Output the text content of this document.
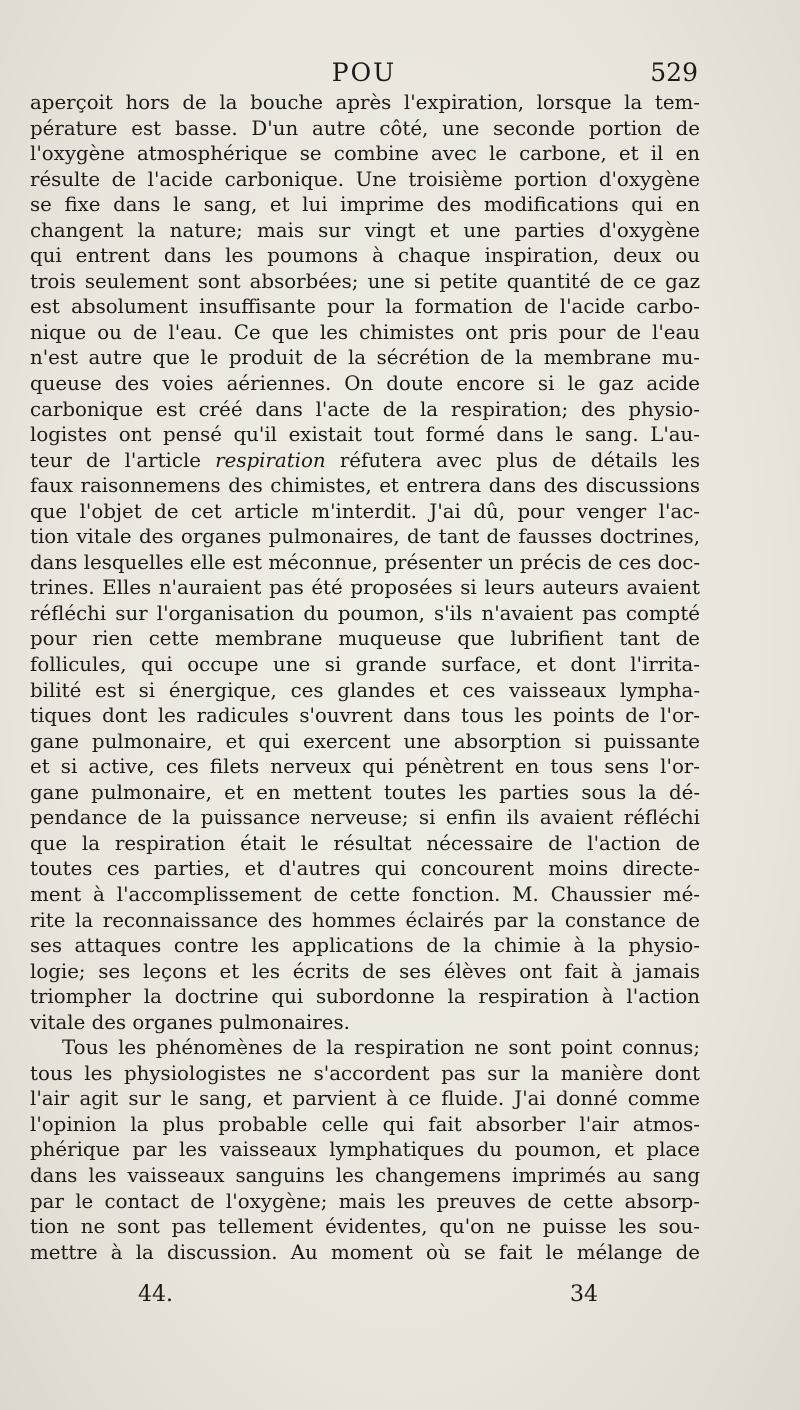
POU	529
aperçoit hors de la bouche après l'expiration, lorsque la tem-
pérature est basse. D'un autre côté, une seconde portion de
l'oxygène atmosphérique se combine avec le carbone, et il en
résulte de l'acide carbonique. Une troisième portion d'oxygène
se fixe dans le sang, et lui imprime des modifications qui en
changent la nature; mais sur vingt et une parties d'oxygène
qui entrent dans les poumons à chaque inspiration, deux ou
trois seulement sont absorbées; une si petite quantité de ce gaz
est absolument insuffisante pour la formation de l'acide carbo-
nique ou de l'eau. Ce que les chimistes ont pris pour de l'eau
n'est autre que le produit de la sécrétion de la membrane mu-
queuse des voies aériennes. On doute encore si le gaz acide
carbonique est créé dans l'acte de la respiration; des physio-
logistes ont pensé qu'il existait tout formé dans le sang. L'au-
teur de l'article respiration réfutera avec plus de détails les
faux raisonnemens des chimistes, et entrera dans des discussions
que l'objet de cet article m'interdit. J'ai dû, pour venger l'ac-
tion vitale des organes pulmonaires, de tant de fausses doctrines,
dans lesquelles elle est méconnue, présenter un précis de ces doc-
trines. Elles n'auraient pas été proposées si leurs auteurs avaient
réfléchi sur l'organisation du poumon, s'ils n'avaient pas compté
pour rien cette membrane muqueuse que lubrifient tant de
follicules, qui occupe une si grande surface, et dont l'irrita-
bilité est si énergique, ces glandes et ces vaisseaux lympha-
tiques dont les radicules s'ouvrent dans tous les points de l'or-
gane pulmonaire, et qui exercent une absorption si puissante
et si active, ces filets nerveux qui pénètrent en tous sens l'or-
gane pulmonaire, et en mettent toutes les parties sous la dé-
pendance de la puissance nerveuse; si enfin ils avaient réfléchi
que la respiration était le résultat nécessaire de l'action de
toutes ces parties, et d'autres qui concourent moins directe-
ment à l'accomplissement de cette fonction. M. Chaussier mé-
rite la reconnaissance des hommes éclairés par la constance de
ses attaques contre les applications de la chimie à la physio-
logie; ses leçons et les écrits de ses élèves ont fait à jamais
triompher la doctrine qui subordonne la respiration à l'action
vitale des organes pulmonaires.
Tous les phénomènes de la respiration ne sont point connus;
tous les physiologistes ne s'accordent pas sur la manière dont
l'air agit sur le sang, et parvient à ce fluide. J'ai donné comme
l'opinion la plus probable celle qui fait absorber l'air atmos-
phérique par les vaisseaux lymphatiques du poumon, et place
dans les vaisseaux sanguins les changemens imprimés au sang
par le contact de l'oxygène; mais les preuves de cette absorp-
tion ne sont pas tellement évidentes, qu'on ne puisse les sou-
mettre à la discussion. Au moment où se fait le mélange de
44.	34
